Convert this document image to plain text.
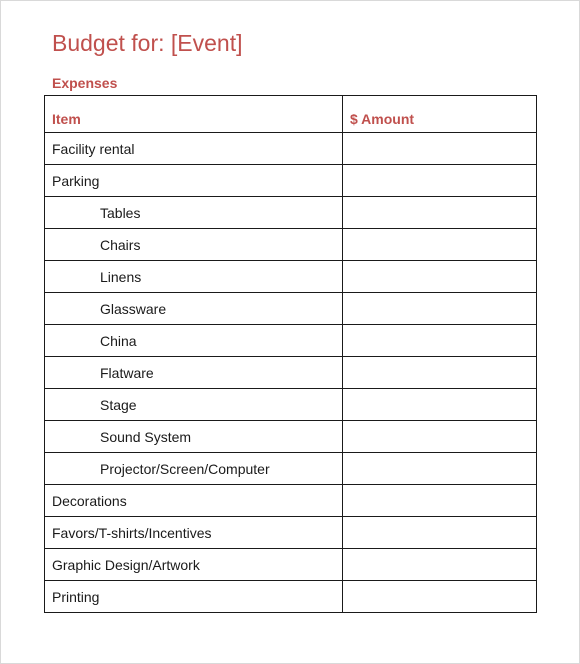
Budget for: [Event]
Expenses
Item	$ Amount
Facility rental	
Parking	
Tables	
Chairs	
Linens	
Glassware	
China	
Flatware	
Stage	
Sound System	
Projector/Screen/Computer	
Decorations	
Favors/T-shirts/Incentives	
Graphic Design/Artwork	
Printing	
